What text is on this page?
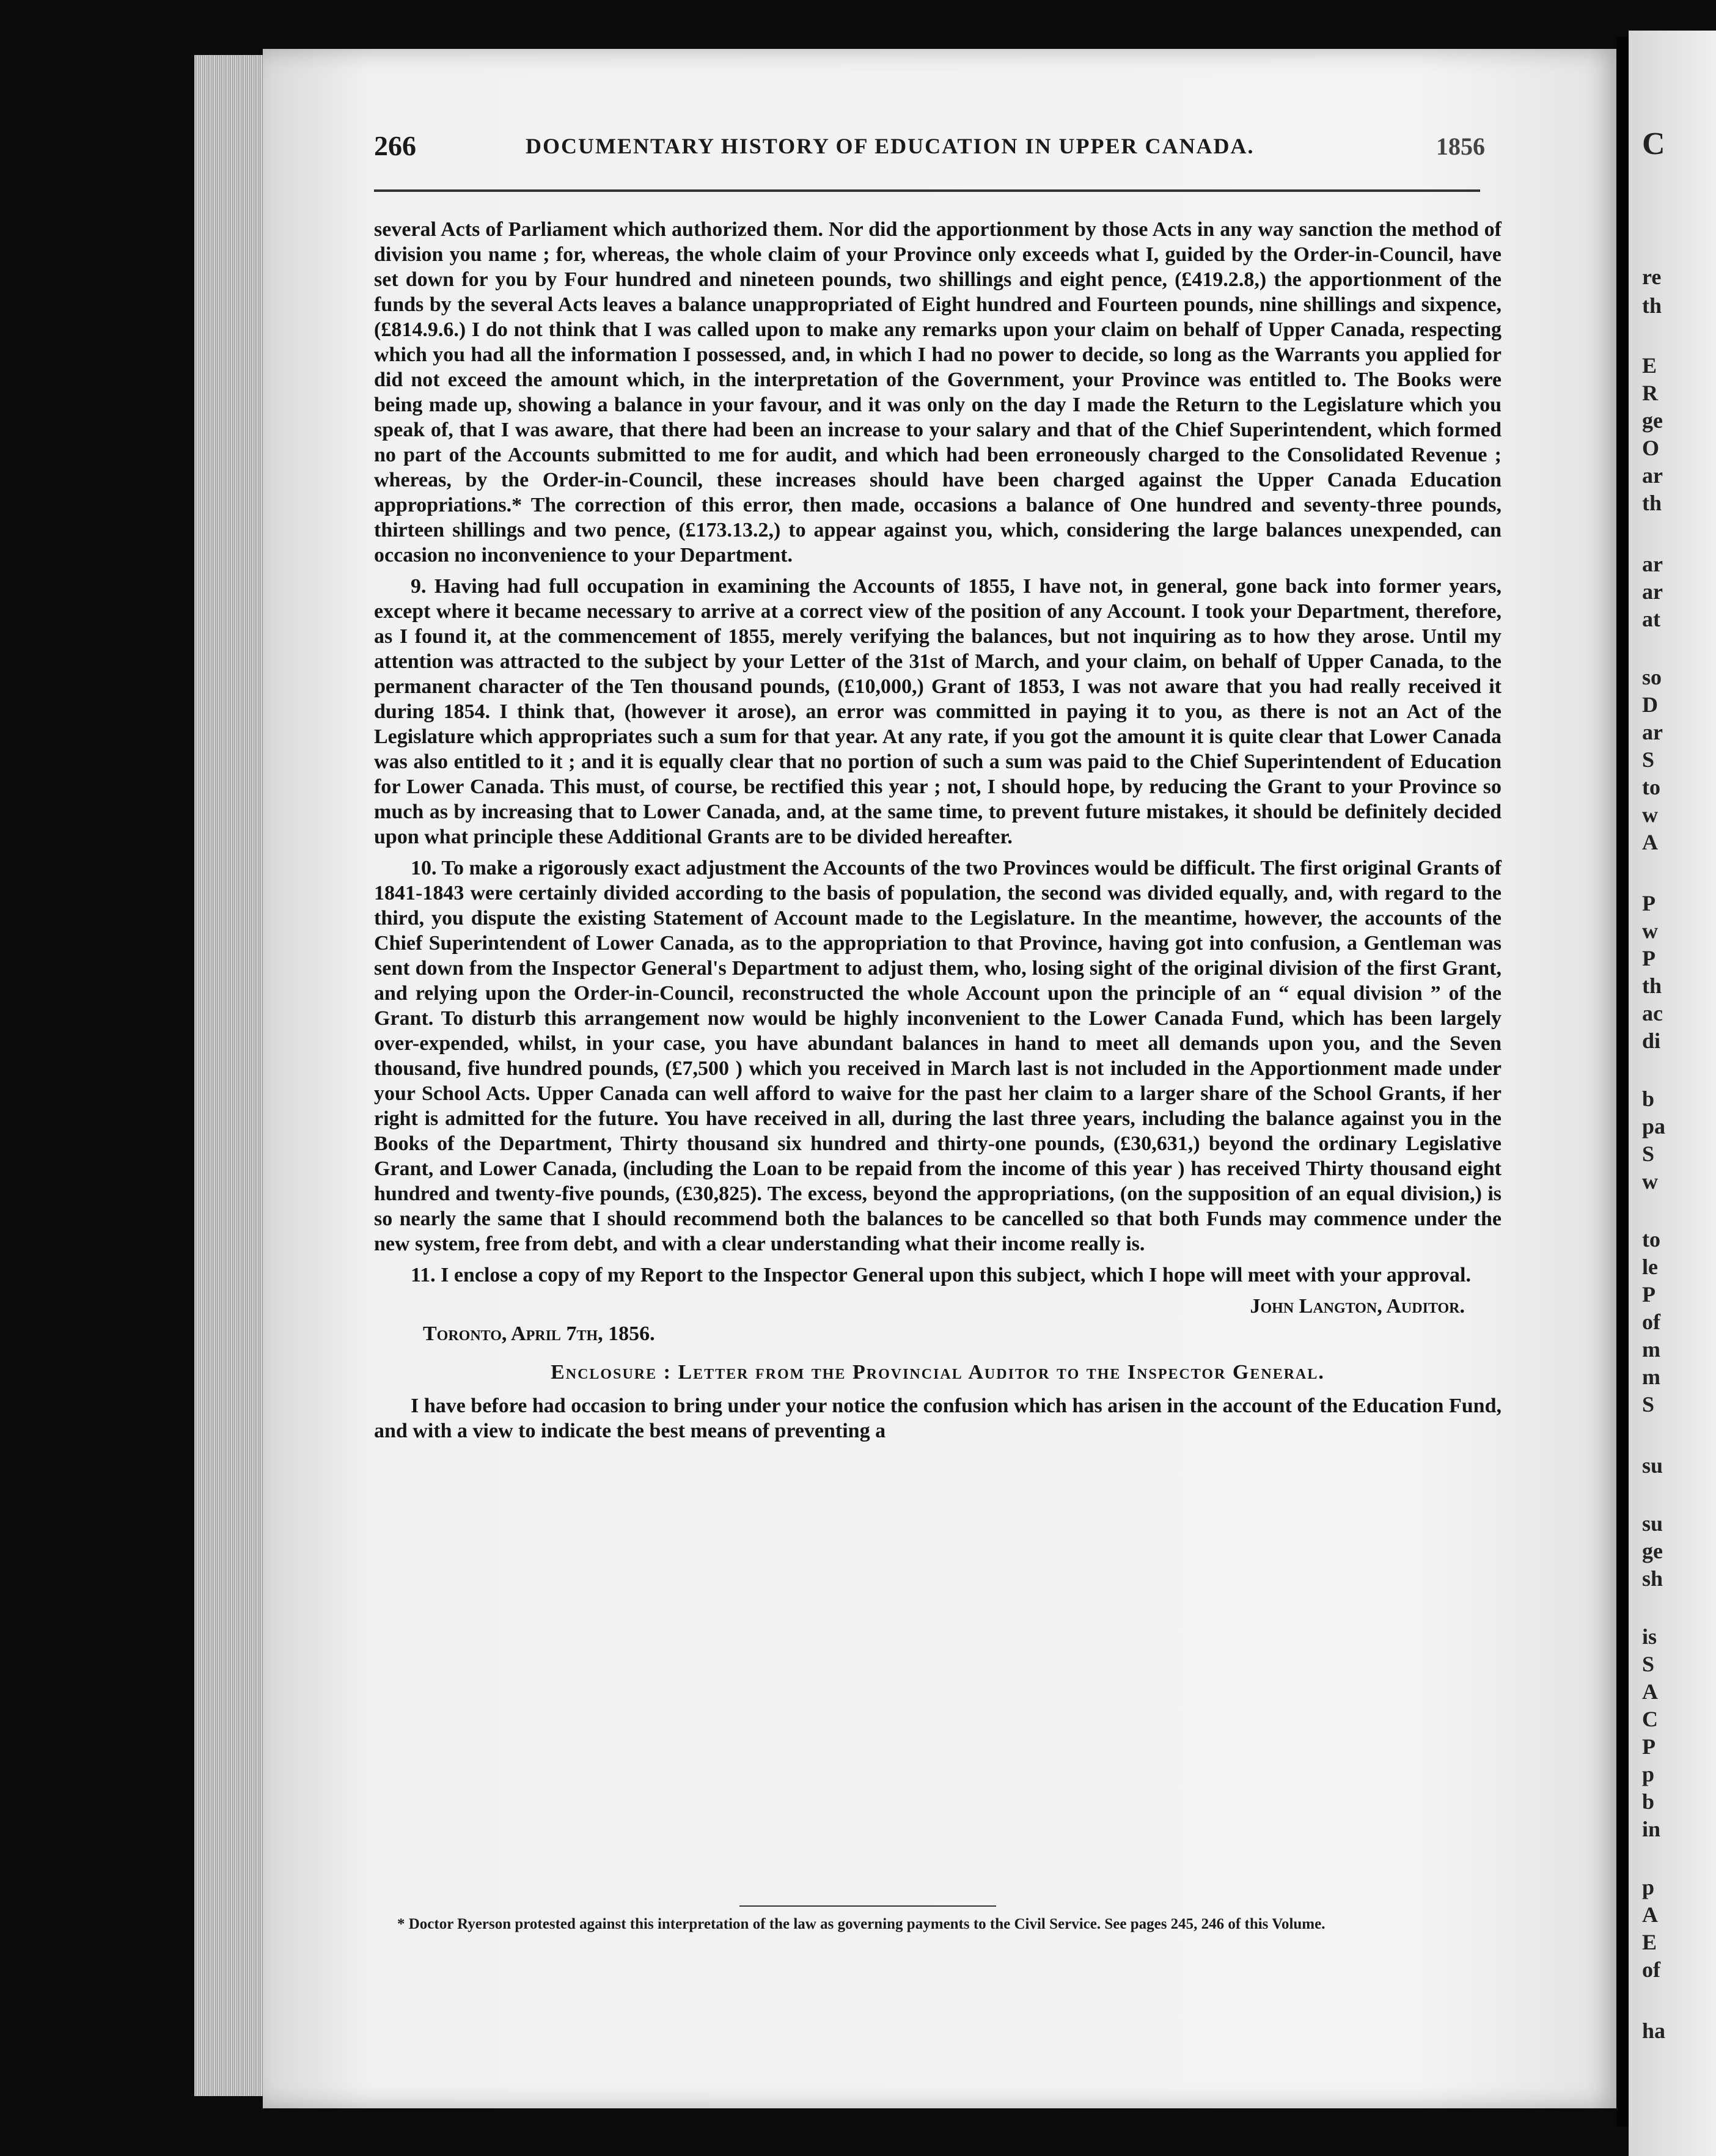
C
re
th
E
R
ge
O
ar
th
ar
ar
at
so
D
ar
S
to
w
A
P
w
P
th
ac
di
b
pa
S
w
to
le
P
of
m
m
S
su
su
ge
sh
is
S
A
C
P
p
b
in
p
A
E
of
ha
266	DOCUMENTARY HISTORY OF EDUCATION IN UPPER CANADA.	1856

several Acts of Parliament which authorized them. Nor did the apportionment by those Acts in any way sanction the method of division you name ; for, whereas, the whole claim of your Province only exceeds what I, guided by the Order-in-Council, have set down for you by Four hundred and nineteen pounds, two shillings and eight pence, (£419.2.8,) the apportionment of the funds by the several Acts leaves a balance unappropriated of Eight hundred and Fourteen pounds, nine shillings and sixpence, (£814.9.6.) I do not think that I was called upon to make any remarks upon your claim on behalf of Upper Canada, respecting which you had all the information I possessed, and, in which I had no power to decide, so long as the Warrants you applied for did not exceed the amount which, in the interpretation of the Government, your Province was entitled to. The Books were being made up, showing a balance in your favour, and it was only on the day I made the Return to the Legislature which you speak of, that I was aware, that there had been an increase to your salary and that of the Chief Superintendent, which formed no part of the Accounts submitted to me for audit, and which had been erroneously charged to the Consolidated Revenue ; whereas, by the Order-in-Council, these increases should have been charged against the Upper Canada Education appropriations.* The correction of this error, then made, occasions a balance of One hundred and seventy-three pounds, thirteen shillings and two pence, (£173.13.2,) to appear against you, which, considering the large balances unexpended, can occasion no inconvenience to your Department.

9. Having had full occupation in examining the Accounts of 1855, I have not, in general, gone back into former years, except where it became necessary to arrive at a correct view of the position of any Account. I took your Department, therefore, as I found it, at the commencement of 1855, merely verifying the balances, but not inquiring as to how they arose. Until my attention was attracted to the subject by your Letter of the 31st of March, and your claim, on behalf of Upper Canada, to the permanent character of the Ten thousand pounds, (£10,000,) Grant of 1853, I was not aware that you had really received it during 1854. I think that, (however it arose), an error was committed in paying it to you, as there is not an Act of the Legislature which appropriates such a sum for that year. At any rate, if you got the amount it is quite clear that Lower Canada was also entitled to it ; and it is equally clear that no portion of such a sum was paid to the Chief Superintendent of Education for Lower Canada. This must, of course, be rectified this year ; not, I should hope, by reducing the Grant to your Province so much as by increasing that to Lower Canada, and, at the same time, to prevent future mistakes, it should be definitely decided upon what principle these Additional Grants are to be divided hereafter.

10. To make a rigorously exact adjustment the Accounts of the two Provinces would be difficult. The first original Grants of 1841-1843 were certainly divided according to the basis of population, the second was divided equally, and, with regard to the third, you dispute the existing Statement of Account made to the Legislature. In the meantime, however, the accounts of the Chief Superintendent of Lower Canada, as to the appropriation to that Province, having got into confusion, a Gentleman was sent down from the Inspector General's Department to adjust them, who, losing sight of the original division of the first Grant, and relying upon the Order-in-Council, reconstructed the whole Account upon the principle of an “ equal division ” of the Grant. To disturb this arrangement now would be highly inconvenient to the Lower Canada Fund, which has been largely over-expended, whilst, in your case, you have abundant balances in hand to meet all demands upon you, and the Seven thousand, five hundred pounds, (£7,500 ) which you received in March last is not included in the Apportionment made under your School Acts. Upper Canada can well afford to waive for the past her claim to a larger share of the School Grants, if her right is admitted for the future. You have received in all, during the last three years, including the balance against you in the Books of the Department, Thirty thousand six hundred and thirty-one pounds, (£30,631,) beyond the ordinary Legislative Grant, and Lower Canada, (including the Loan to be repaid from the income of this year ) has received Thirty thousand eight hundred and twenty-five pounds, (£30,825). The excess, beyond the appropriations, (on the supposition of an equal division,) is so nearly the same that I should recommend both the balances to be cancelled so that both Funds may commence under the new system, free from debt, and with a clear understanding what their income really is.

11. I enclose a copy of my Report to the Inspector General upon this subject, which I hope will meet with your approval.

John Langton, Auditor.

Toronto, April 7th, 1856.

Enclosure : Letter from the Provincial Auditor to the Inspector General.

I have before had occasion to bring under your notice the confusion which has arisen in the account of the Education Fund, and with a view to indicate the best means of preventing a

* Doctor Ryerson protested against this interpretation of the law as governing payments to the Civil Service. See pages 245, 246 of this Volume.
